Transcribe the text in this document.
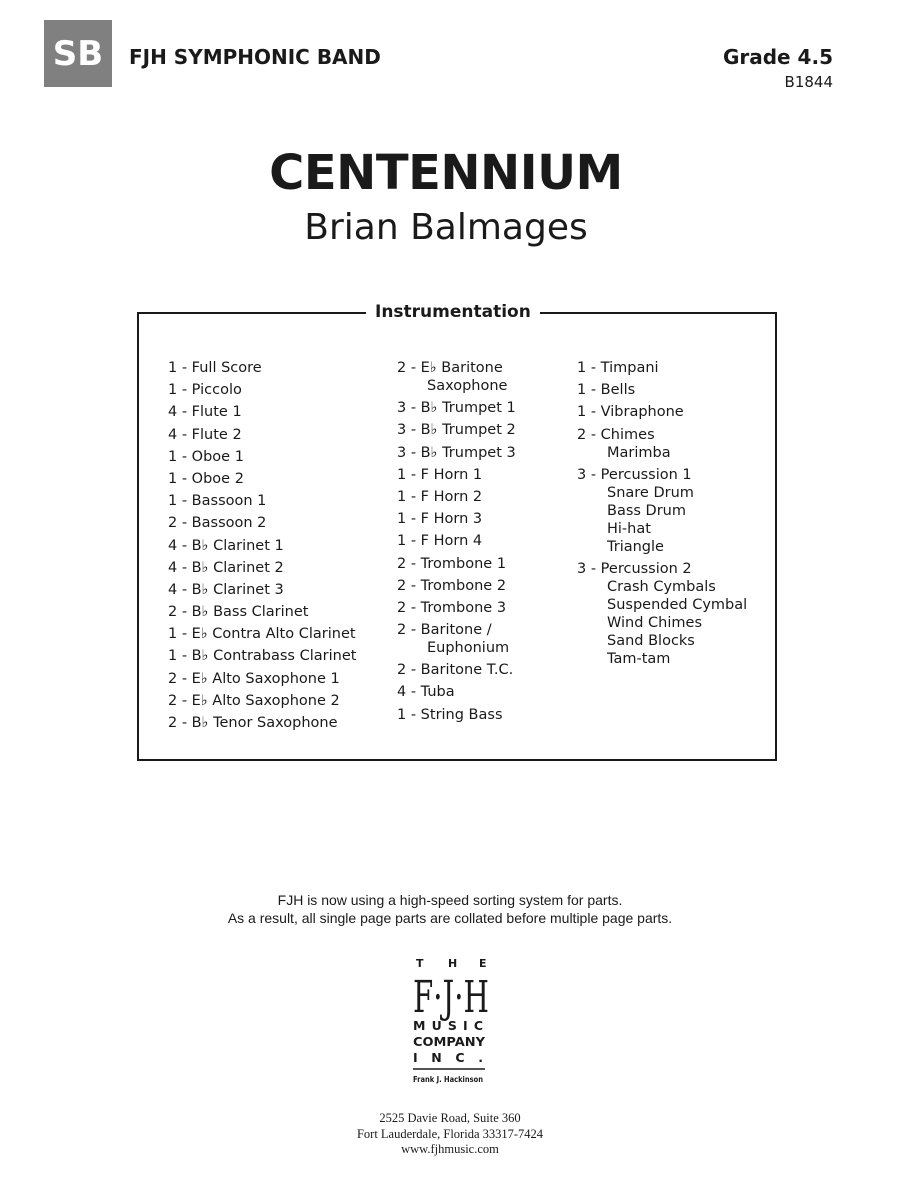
SB	FJH SYMPHONIC BAND	Grade 4.5
B1844
CENTENNIUM
Brian Balmages
Instrumentation
1 - Full Score
1 - Piccolo
4 - Flute 1
4 - Flute 2
1 - Oboe 1
1 - Oboe 2
1 - Bassoon 1
2 - Bassoon 2
4 - B♭ Clarinet 1
4 - B♭ Clarinet 2
4 - B♭ Clarinet 3
2 - B♭ Bass Clarinet
1 - E♭ Contra Alto Clarinet
1 - B♭ Contrabass Clarinet
2 - E♭ Alto Saxophone 1
2 - E♭ Alto Saxophone 2
2 - B♭ Tenor Saxophone
2 - E♭ Baritone
Saxophone
3 - B♭ Trumpet 1
3 - B♭ Trumpet 2
3 - B♭ Trumpet 3
1 - F Horn 1
1 - F Horn 2
1 - F Horn 3
1 - F Horn 4
2 - Trombone 1
2 - Trombone 2
2 - Trombone 3
2 - Baritone /
Euphonium
2 - Baritone T.C.
4 - Tuba
1 - String Bass
1 - Timpani
1 - Bells
1 - Vibraphone
2 - Chimes
Marimba
3 - Percussion 1
Snare Drum
Bass Drum
Hi-hat
Triangle
3 - Percussion 2
Crash Cymbals
Suspended Cymbal
Wind Chimes
Sand Blocks
Tam-tam
FJH is now using a high-speed sorting system for parts.
As a result, all single page parts are collated before multiple page parts.
T H E
F·J·H
MUSIC
COMPANY
INC.
Frank J. Hackinson
2525 Davie Road, Suite 360
Fort Lauderdale, Florida 33317-7424
www.fjhmusic.com
